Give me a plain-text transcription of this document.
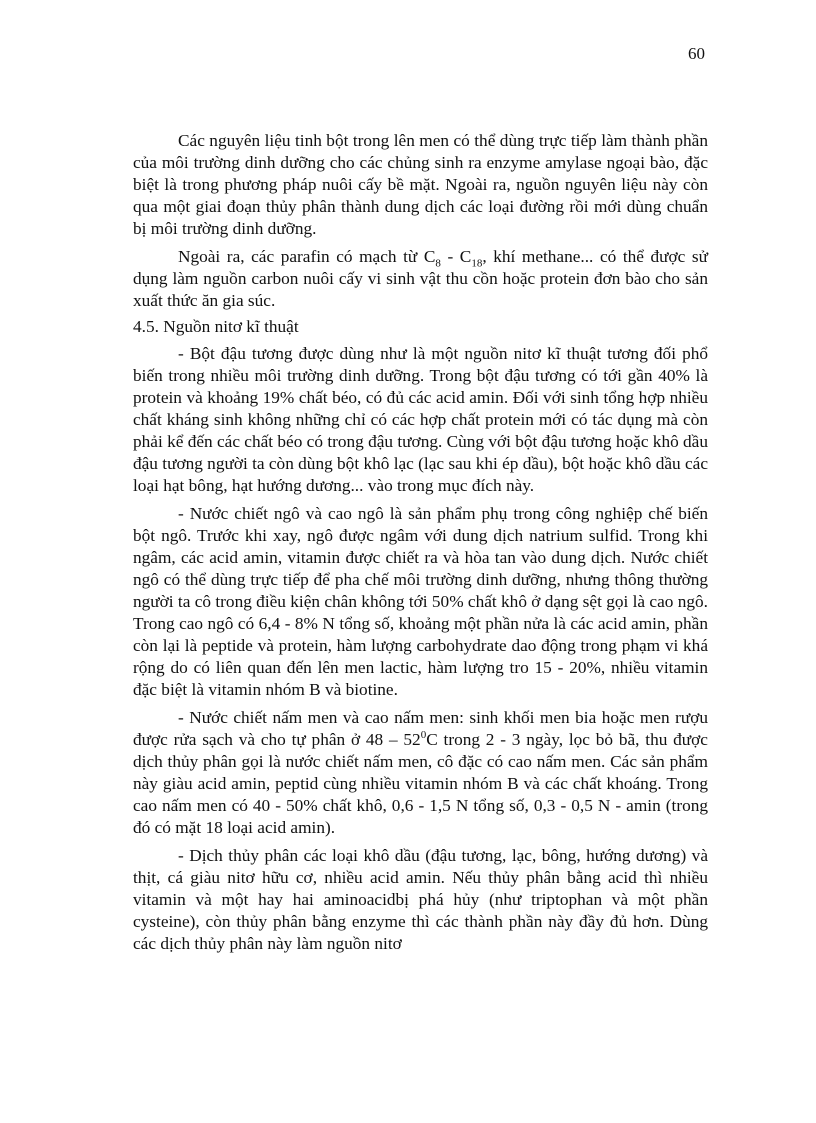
60

Các nguyên liệu tinh bột trong lên men có thể dùng trực tiếp làm thành phần của môi trường dinh dưỡng cho các chủng sinh ra enzyme amylase ngoại bào, đặc biệt là trong phương pháp nuôi cấy bề mặt. Ngoài ra, nguồn nguyên liệu này còn qua một giai đoạn thủy phân thành dung dịch các loại đường rồi mới dùng chuẩn bị môi trường dinh dưỡng.

Ngoài ra, các parafin có mạch từ $C_8 - C_{18}$, khí methane... có thể được sử dụng làm nguồn carbon nuôi cấy vi sinh vật thu cồn hoặc protein đơn bào cho sản xuất thức ăn gia súc.

4.5. Nguồn nitơ kĩ thuật

- Bột đậu tương được dùng như là một nguồn nitơ kĩ thuật tương đối phổ biến trong nhiều môi trường dinh dưỡng. Trong bột đậu tương có tới gần 40% là protein và khoảng 19% chất béo, có đủ các acid amin. Đối với sinh tổng hợp nhiều chất kháng sinh không những chỉ có các hợp chất protein mới có tác dụng mà còn phải kể đến các chất béo có trong đậu tương. Cùng với bột đậu tương hoặc khô dầu đậu tương người ta còn dùng bột khô lạc (lạc sau khi ép dầu), bột hoặc khô dầu các loại hạt bông, hạt hướng dương... vào trong mục đích này.

- Nước chiết ngô và cao ngô là sản phẩm phụ trong công nghiệp chế biến bột ngô. Trước khi xay, ngô được ngâm với dung dịch natrium sulfid. Trong khi ngâm, các acid amin, vitamin được chiết ra và hòa tan vào dung dịch. Nước chiết ngô có thể dùng trực tiếp để pha chế môi trường dinh dưỡng, nhưng thông thường người ta cô trong điều kiện chân không tới 50% chất khô ở dạng sệt gọi là cao ngô. Trong cao ngô có 6,4 - 8% N tổng số, khoảng một phần nửa là các acid amin, phần còn lại là peptide và protein, hàm lượng carbohydrate dao động trong phạm vi khá rộng do có liên quan đến lên men lactic, hàm lượng tro 15 - 20%, nhiều vitamin đặc biệt là vitamin nhóm B và biotine.

- Nước chiết nấm men và cao nấm men: sinh khối men bia hoặc men rượu được rửa sạch và cho tự phân ở $48 - 52^0C$ trong 2 - 3 ngày, lọc bỏ bã, thu được dịch thủy phân gọi là nước chiết nấm men, cô đặc có cao nấm men. Các sản phẩm này giàu acid amin, peptid cùng nhiều vitamin nhóm B và các chất khoáng. Trong cao nấm men có 40 - 50% chất khô, 0,6 - 1,5 N tổng số, 0,3 - 0,5 N - amin (trong đó có mặt 18 loại acid amin).

- Dịch thủy phân các loại khô dầu (đậu tương, lạc, bông, hướng dương) và thịt, cá giàu nitơ hữu cơ, nhiều acid amin. Nếu thủy phân bằng acid thì nhiều vitamin và một hay hai aminoacidbị phá hủy (như triptophan và một phần cysteine), còn thủy phân bằng enzyme thì các thành phần này đầy đủ hơn. Dùng các dịch thủy phân này làm nguồn nitơ
